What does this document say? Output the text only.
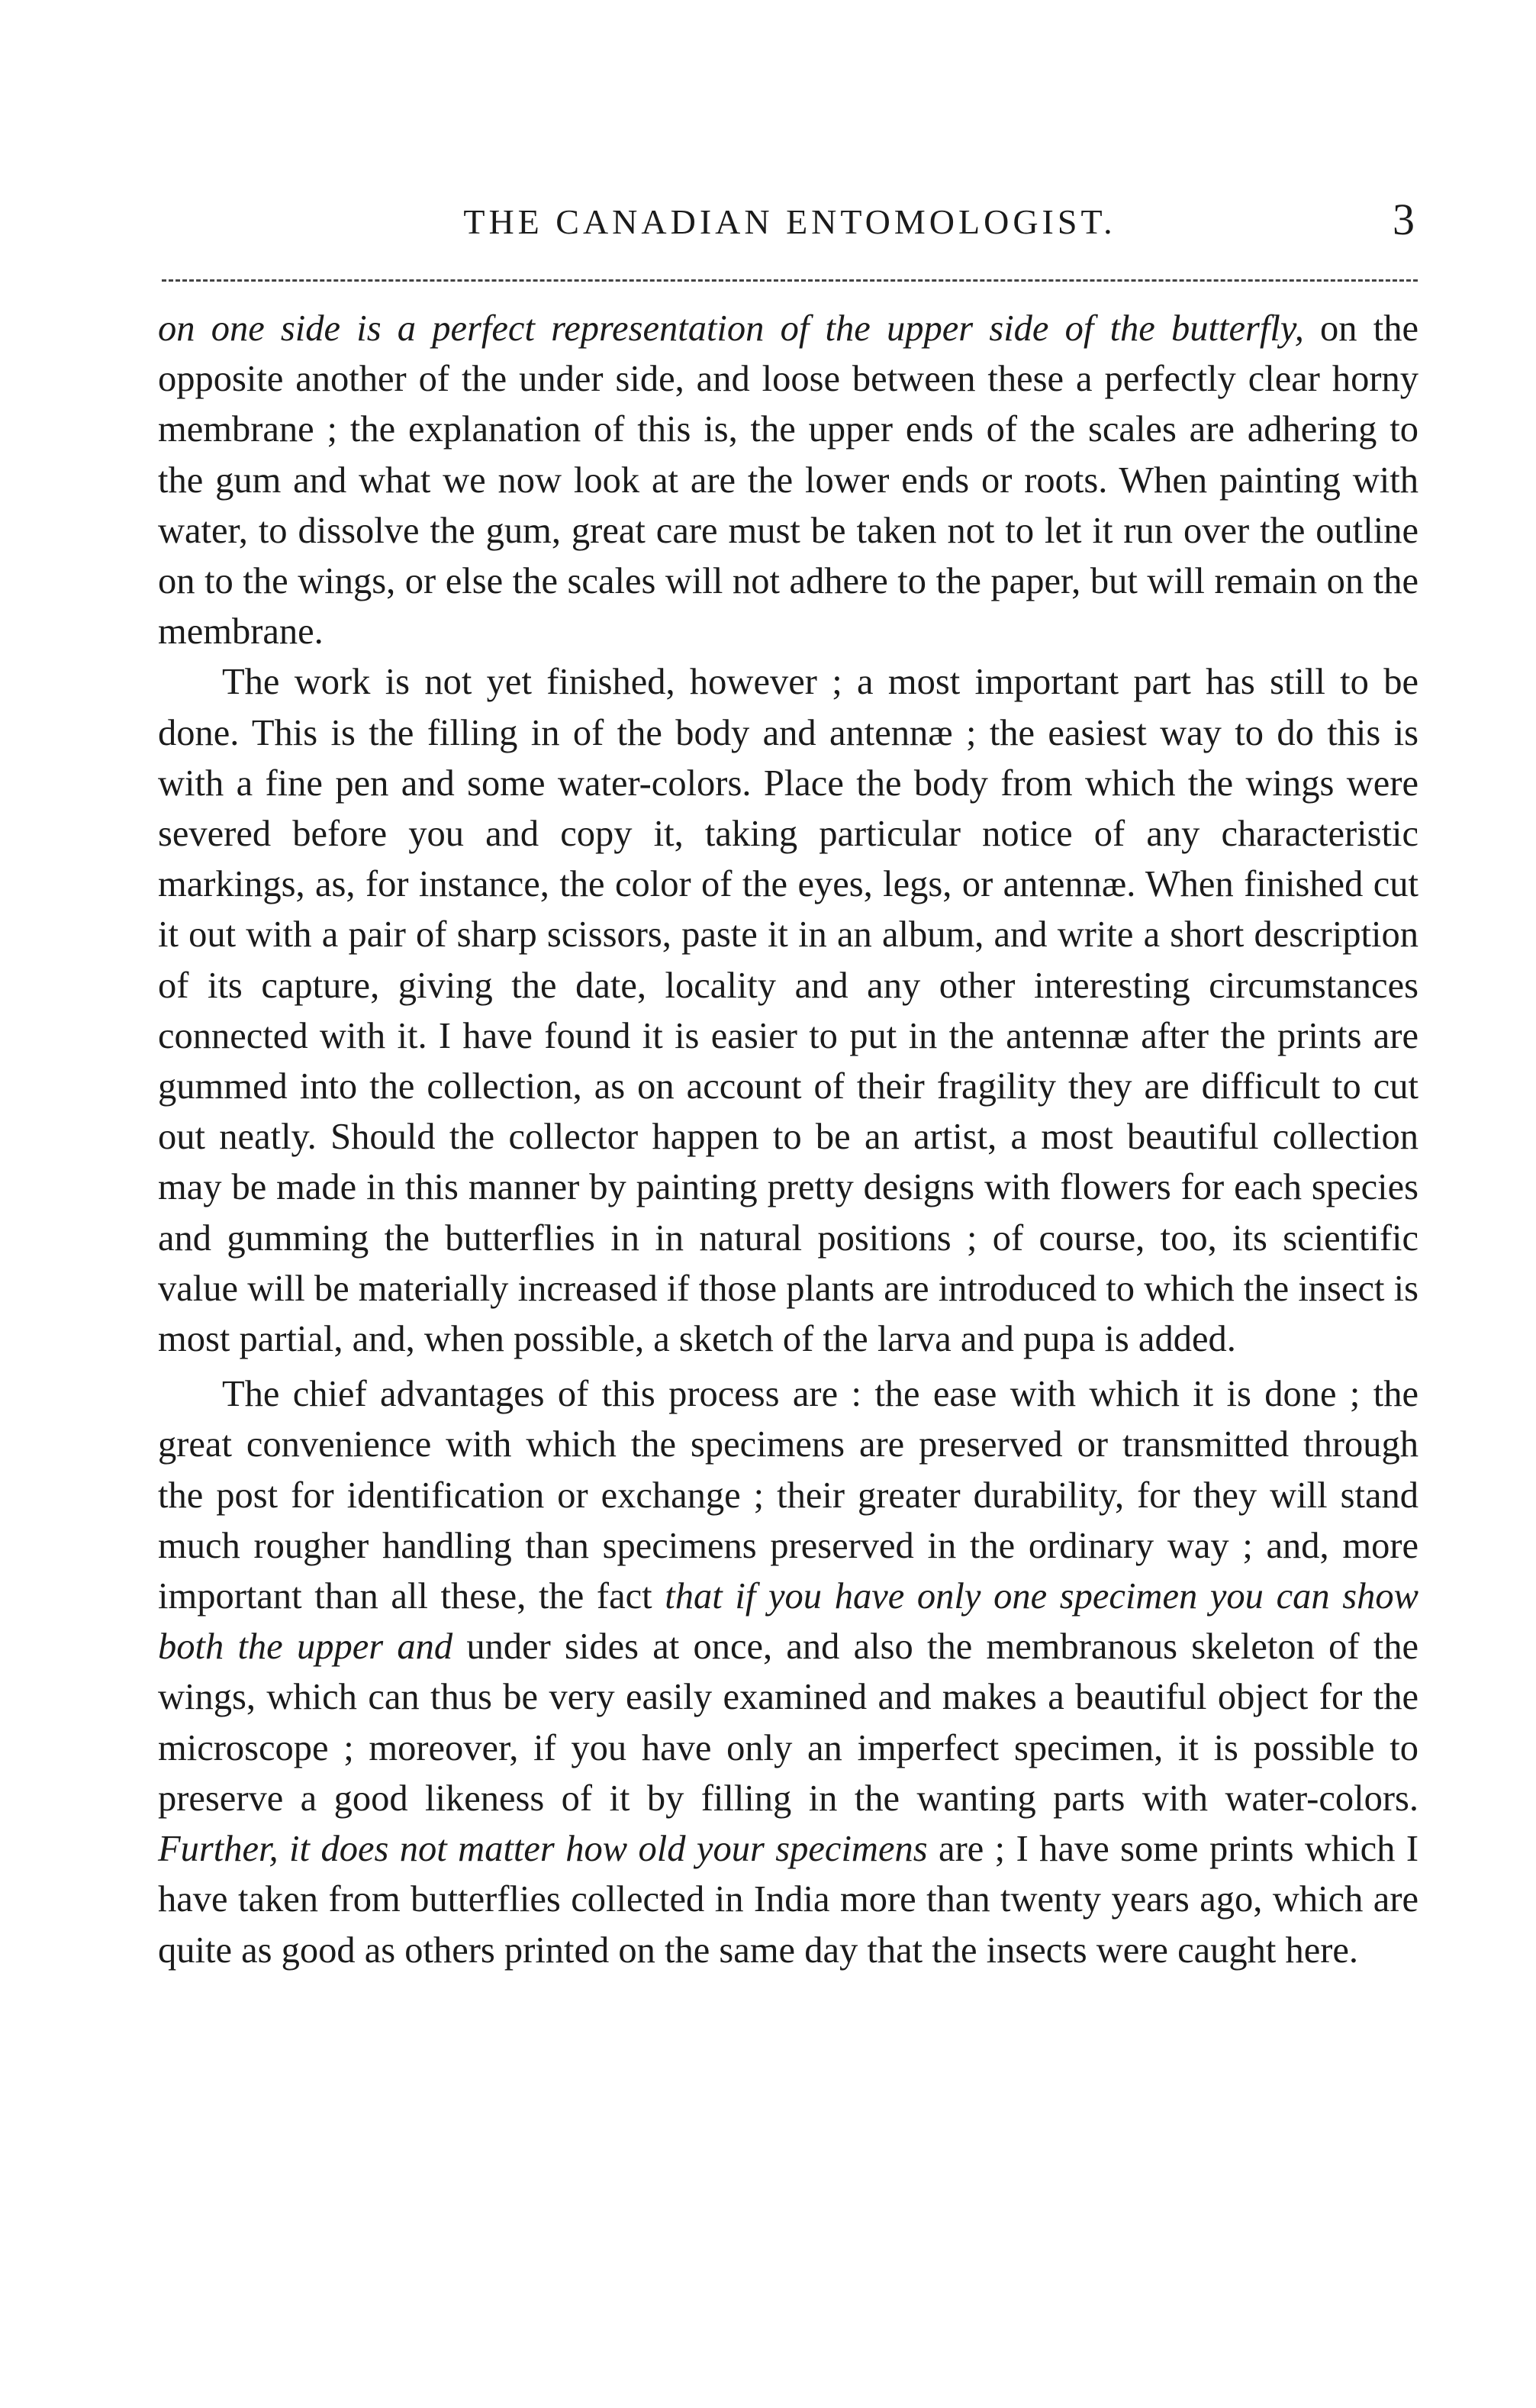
THE CANADIAN ENTOMOLOGIST.	3

on one side is a perfect representation of the upper side of the butterfly, on the opposite another of the under side, and loose between these a perfectly clear horny membrane ; the explanation of this is, the upper ends of the scales are adhering to the gum and what we now look at are the lower ends or roots. When painting with water, to dissolve the gum, great care must be taken not to let it run over the outline on to the wings, or else the scales will not adhere to the paper, but will remain on the membrane.

The work is not yet finished, however ; a most important part has still to be done. This is the filling in of the body and antennæ ; the easiest way to do this is with a fine pen and some water-colors. Place the body from which the wings were severed before you and copy it, taking particular notice of any characteristic markings, as, for instance, the color of the eyes, legs, or antennæ. When finished cut it out with a pair of sharp scissors, paste it in an album, and write a short description of its capture, giving the date, locality and any other interesting circumstances connected with it. I have found it is easier to put in the antennæ after the prints are gummed into the collection, as on account of their fragility they are difficult to cut out neatly. Should the collector happen to be an artist, a most beautiful collection may be made in this manner by painting pretty designs with flowers for each species and gumming the butterflies in in natural positions ; of course, too, its scientific value will be materially increased if those plants are introduced to which the insect is most partial, and, when possible, a sketch of the larva and pupa is added.

The chief advantages of this process are : the ease with which it is done ; the great convenience with which the specimens are preserved or transmitted through the post for identification or exchange ; their greater durability, for they will stand much rougher handling than specimens preserved in the ordinary way ; and, more important than all these, the fact that if you have only one specimen you can show both the upper and under sides at once, and also the membranous skeleton of the wings, which can thus be very easily examined and makes a beautiful object for the microscope ; moreover, if you have only an imperfect specimen, it is possible to preserve a good likeness of it by filling in the wanting parts with water-colors. Further, it does not matter how old your specimens are ; I have some prints which I have taken from butterflies collected in India more than twenty years ago, which are quite as good as others printed on the same day that the insects were caught here.
